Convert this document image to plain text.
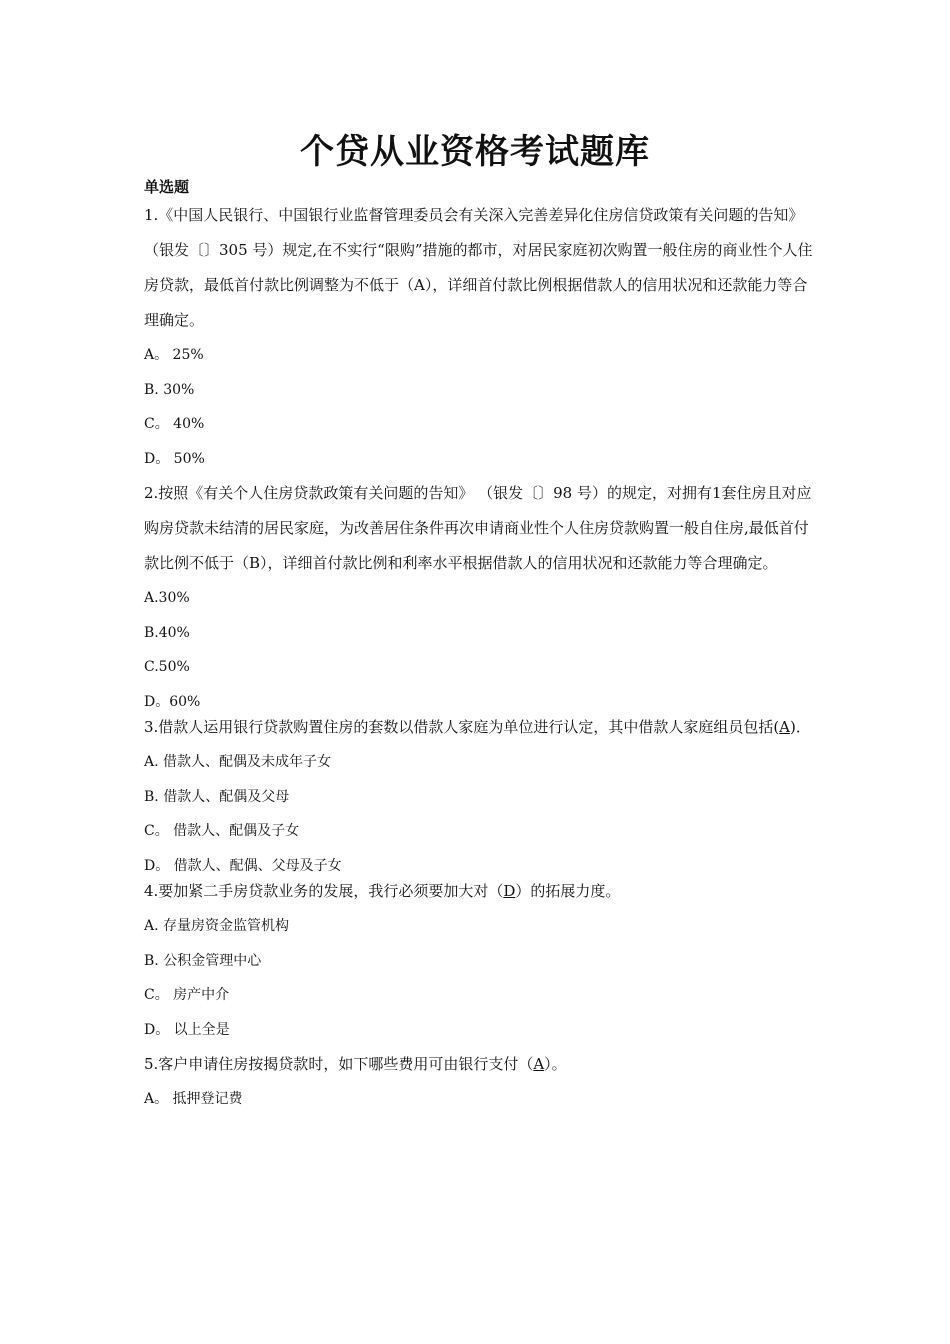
个贷从业资格考试题库
单选题

1.《中国人民银行、中国银行业监督管理委员会有关深入完善差异化住房信贷政策有关问题的告知》（银发〔〕305 号）规定,在不实行“限购”措施的都市，对居民家庭初次购置一般住房的商业性个人住房贷款，最低首付款比例调整为不低于（A），详细首付款比例根据借款人的信用状况和还款能力等合理确定。

A。 25%

B. 30%

C。 40%

D。 50%

2.按照《有关个人住房贷款政策有关问题的告知》 （银发〔〕98 号）的规定，对拥有1套住房且对应购房贷款未结清的居民家庭，为改善居住条件再次申请商业性个人住房贷款购置一般自住房,最低首付款比例不低于（B），详细首付款比例和利率水平根据借款人的信用状况和还款能力等合理确定。

A.30%

B.40%

C.50%

D。60%

3.借款人运用银行贷款购置住房的套数以借款人家庭为单位进行认定，其中借款人家庭组员包括(A)．

A. 借款人、配偶及未成年子女

B. 借款人、配偶及父母

C。 借款人、配偶及子女

D。 借款人、配偶、父母及子女

4.要加紧二手房贷款业务的发展，我行必须要加大对（D）的拓展力度。

A. 存量房资金监管机构

B. 公积金管理中心

C。 房产中介

D。 以上全是

5.客户申请住房按揭贷款时，如下哪些费用可由银行支付（A）。

A。 抵押登记费
